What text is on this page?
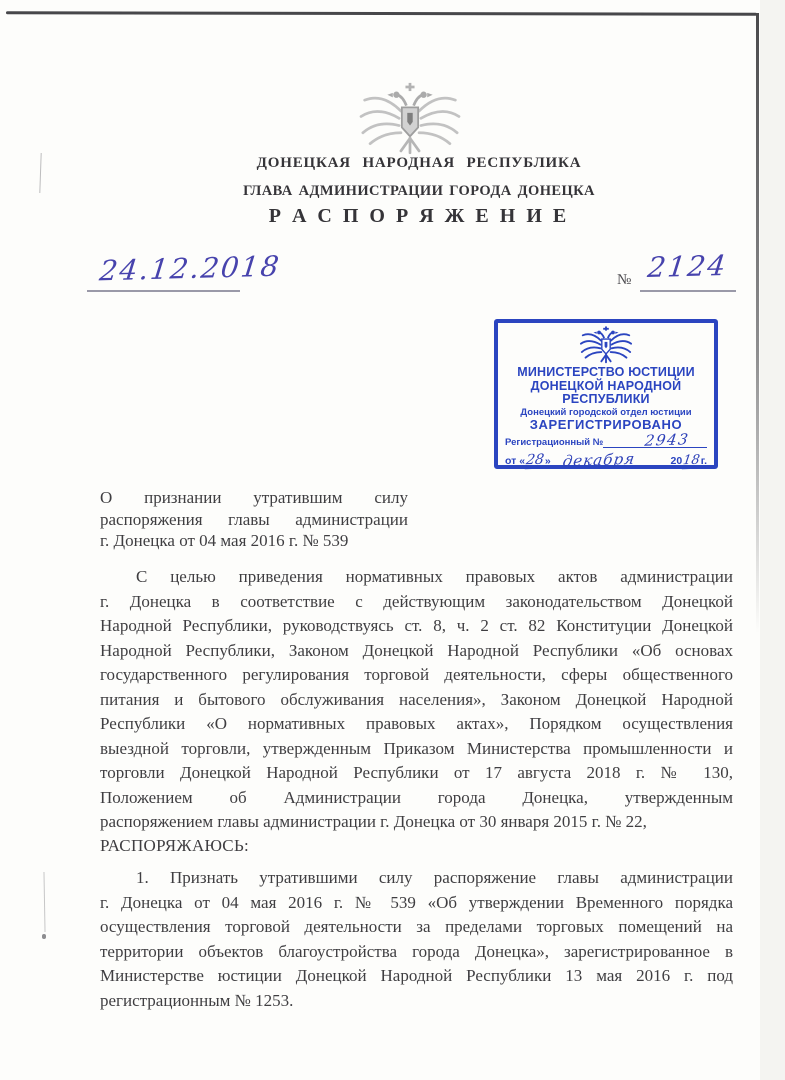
ДОНЕЦКАЯ НАРОДНАЯ РЕСПУБЛИКА
ГЛАВА АДМИНИСТРАЦИИ ГОРОДА ДОНЕЦКА
Р А С П О Р Я Ж Е Н И Е
24.12.2018	№ 2124
МИНИСТЕРСТВО ЮСТИЦИИ
ДОНЕЦКОЙ НАРОДНОЙ
РЕСПУБЛИКИ
Донецкий городской отдел юстиции
ЗАРЕГИСТРИРОВАНО
Регистрационный №	2943
от « 28 » декабря	20 18 г.
О признании утратившим силу
распоряжения главы администрации
г. Донецка от 04 мая 2016 г. № 539
С целью приведения нормативных правовых актов администрации
г. Донецка в соответствие с действующим законодательством Донецкой
Народной Республики, руководствуясь ст. 8, ч. 2 ст. 82 Конституции Донецкой
Народной Республики, Законом Донецкой Народной Республики «Об основах
государственного регулирования торговой деятельности, сферы общественного
питания и бытового обслуживания населения», Законом Донецкой Народной
Республики «О нормативных правовых актах», Порядком осуществления
выездной торговли, утвержденным Приказом Министерства промышленности и
торговли Донецкой Народной Республики от 17 августа 2018 г. № 130,
Положением об Администрации города Донецка, утвержденным
распоряжением главы администрации г. Донецка от 30 января 2015 г. № 22,
РАСПОРЯЖАЮСЬ:
1. Признать утратившими силу распоряжение главы администрации
г. Донецка от 04 мая 2016 г. № 539 «Об утверждении Временного порядка
осуществления торговой деятельности за пределами торговых помещений на
территории объектов благоустройства города Донецка», зарегистрированное в
Министерстве юстиции Донецкой Народной Республики 13 мая 2016 г. под
регистрационным № 1253.
